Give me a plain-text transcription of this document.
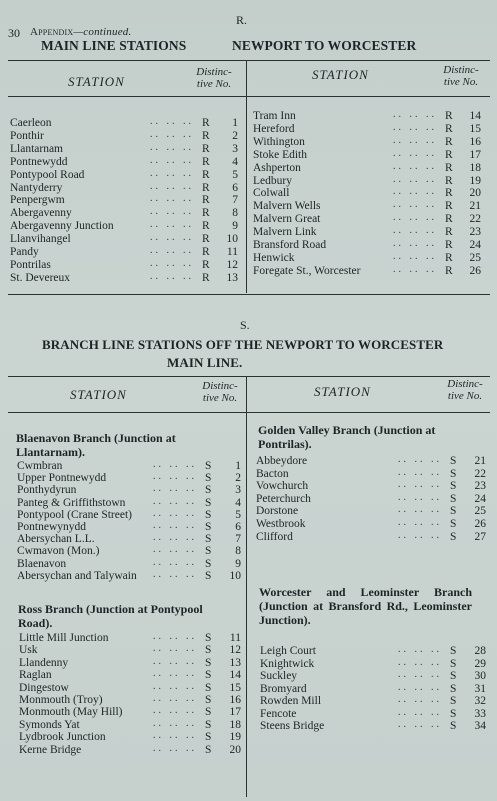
30 Appendix—continued.
R.
MAIN LINE STATIONS	NEWPORT TO WORCESTER
STATION
Distinc-
tive No.
STATION	Distinc-
tive No.
Caerleon	.. .. .. R	1
Ponthir	.. .. .. R	2
Llantarnam	.. .. .. R	3
Pontnewydd	.. .. .. R	4
Pontypool Road	.. .. .. R	5
Nantyderry	.. .. .. R	6
Penpergwm	.. .. .. R	7
Abergavenny	.. .. .. R	8
Abergavenny Junction	.. .. .. R	9
Llanvihangel	.. .. .. R	10
Pandy	.. .. .. R	11
Pontrilas	.. .. .. R	12
St. Devereux	.. .. .. R	13
Tram Inn	.. .. .. R	14
Hereford	.. .. .. R	15
Withington	.. .. .. R	16
Stoke Edith	.. .. .. R	17
Ashperton	.. .. .. R	18
Ledbury	.. .. .. R	19
Colwall	.. .. .. R	20
Malvern Wells	.. .. .. R	21
Malvern Great	.. .. .. R	22
Malvern Link	.. .. .. R	23
Bransford Road	.. .. .. R	24
Henwick	.. .. .. R	25
Foregate St., Worcester	.. .. .. R	26
S.
BRANCH LINE STATIONS OFF THE NEWPORT TO WORCESTER
MAIN LINE.
STATION
Distinc-
tive No.	STATION	Distinc-
tive No.
Blaenavon Branch (Junction at Llantarnam).
Cwmbran	.. .. .. S	1
Upper Pontnewydd	.. .. .. S	2
Ponthydyrun	.. .. .. S	3
Panteg & Griffithstown	.. .. .. S	4
Pontypool (Crane Street) .. .. .. S	5
Pontnewynydd	.. .. .. S	6
Abersychan L.L.	.. .. .. S	7
Cwmavon (Mon.)	.. .. .. S	8
Blaenavon	.. .. .. S	9
Abersychan and Talywain .. .. .. S	10
Ross Branch (Junction at Pontypool Road).
Little Mill Junction	.. .. .. S	11
Usk	.. .. .. S	12
Llandenny	.. .. .. S	13
Raglan	.. .. .. S	14
Dingestow	.. .. .. S	15
Monmouth (Troy)	.. .. .. S	16
Monmouth (May Hill)	.. .. .. S	17
Symonds Yat	.. .. .. S	18
Lydbrook Junction	.. .. .. S	19
Kerne Bridge	.. .. .. S	20
Golden Valley Branch (Junction at Pontrilas).
Abbeydore	.. .. .. S	21
Bacton	.. .. .. S	22
Vowchurch	.. .. .. S	23
Peterchurch	.. .. .. S	24
Dorstone	.. .. .. S	25
Westbrook	.. .. .. S	26
Clifford	.. .. .. S	27
Worcester and Leominster Branch (Junction at Bransford Rd., Leominster Junction).
Leigh Court	.. .. .. S	28
Knightwick	.. .. .. S	29
Suckley	.. .. .. S	30
Bromyard	.. .. .. S	31
Rowden Mill	.. .. .. S	32
Fencote	.. .. .. S	33
Steens Bridge	.. .. .. S	34
